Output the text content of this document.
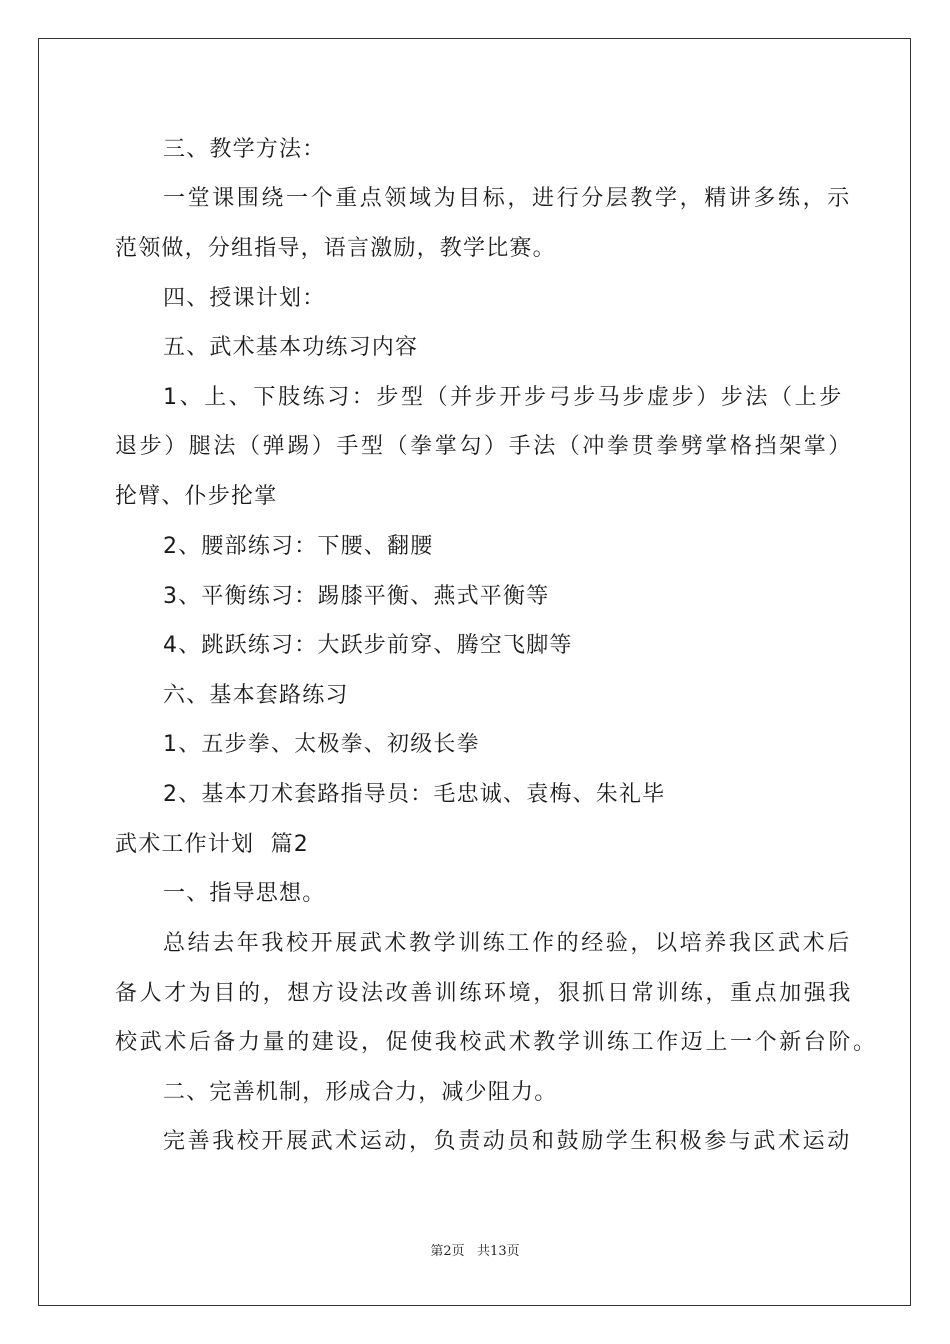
三、教学方法：
一堂课围绕一个重点领域为目标，进行分层教学，精讲多练，示
范领做，分组指导，语言激励，教学比赛。
四、授课计划：
五、武术基本功练习内容
1、上、下肢练习：步型（并步开步弓步马步虚步）步法（上步
退步）腿法（弹踢）手型（拳掌勾）手法（冲拳贯拳劈掌格挡架掌）
抡臂、仆步抡掌
2、腰部练习：下腰、翻腰
3、平衡练习：踢膝平衡、燕式平衡等
4、跳跃练习：大跃步前穿、腾空飞脚等
六、基本套路练习
1、五步拳、太极拳、初级长拳
2、基本刀术套路指导员：毛忠诚、袁梅、朱礼毕
武术工作计划  篇2
一、指导思想。
总结去年我校开展武术教学训练工作的经验，以培养我区武术后
备人才为目的，想方设法改善训练环境，狠抓日常训练，重点加强我
校武术后备力量的建设，促使我校武术教学训练工作迈上一个新台阶。
二、完善机制，形成合力，减少阻力。
完善我校开展武术运动，负责动员和鼓励学生积极参与武术运动
第2页   共13页
